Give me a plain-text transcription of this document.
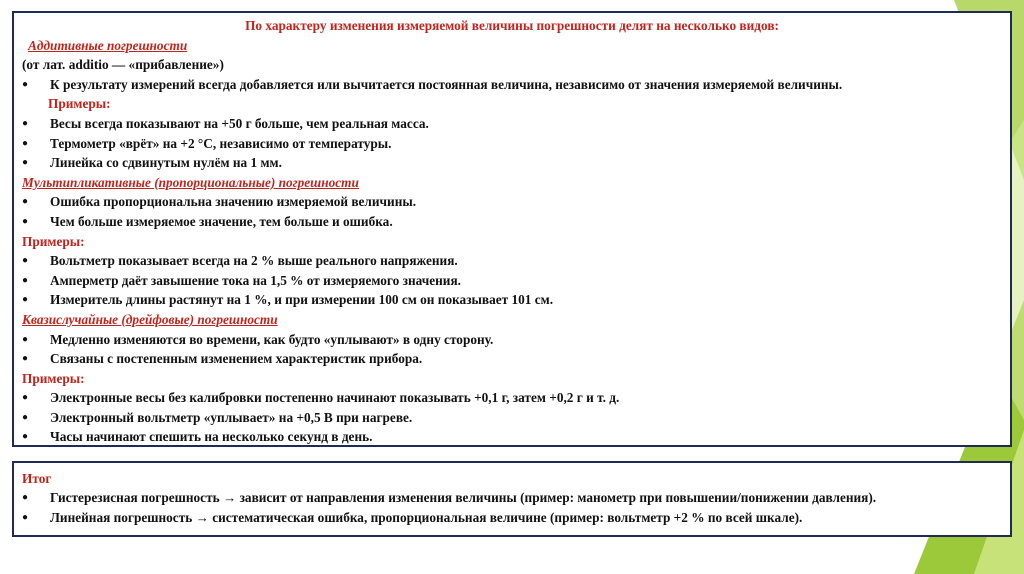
По характеру изменения измеряемой величины погрешности делят на несколько видов:
Аддитивные погрешности
(от лат. additio — «прибавление»)
●	К результату измерений всегда добавляется или вычитается постоянная величина, независимо от значения измеряемой величины.
Примеры:
●	Весы всегда показывают на +50 г больше, чем реальная масса.
●	Термометр «врёт» на +2 °C, независимо от температуры.
●	Линейка со сдвинутым нулём на 1 мм.
Мультипликативные (пропорциональные) погрешности
●	Ошибка пропорциональна значению измеряемой величины.
●	Чем больше измеряемое значение, тем больше и ошибка.
Примеры:
●	Вольтметр показывает всегда на 2 % выше реального напряжения.
●	Амперметр даёт завышение тока на 1,5 % от измеряемого значения.
●	Измеритель длины растянут на 1 %, и при измерении 100 см он показывает 101 см.
Квазислучайные (дрейфовые) погрешности
●	Медленно изменяются во времени, как будто «уплывают» в одну сторону.
●	Связаны с постепенным изменением характеристик прибора.
Примеры:
●	Электронные весы без калибровки постепенно начинают показывать +0,1 г, затем +0,2 г и т. д.
●	Электронный вольтметр «уплывает» на +0,5 В при нагреве.
●	Часы начинают спешить на несколько секунд в день.
Итог
●	Гистерезисная погрешность → зависит от направления изменения величины (пример: манометр при повышении/понижении давления).
●	Линейная погрешность → систематическая ошибка, пропорциональная величине (пример: вольтметр +2 % по всей шкале).
